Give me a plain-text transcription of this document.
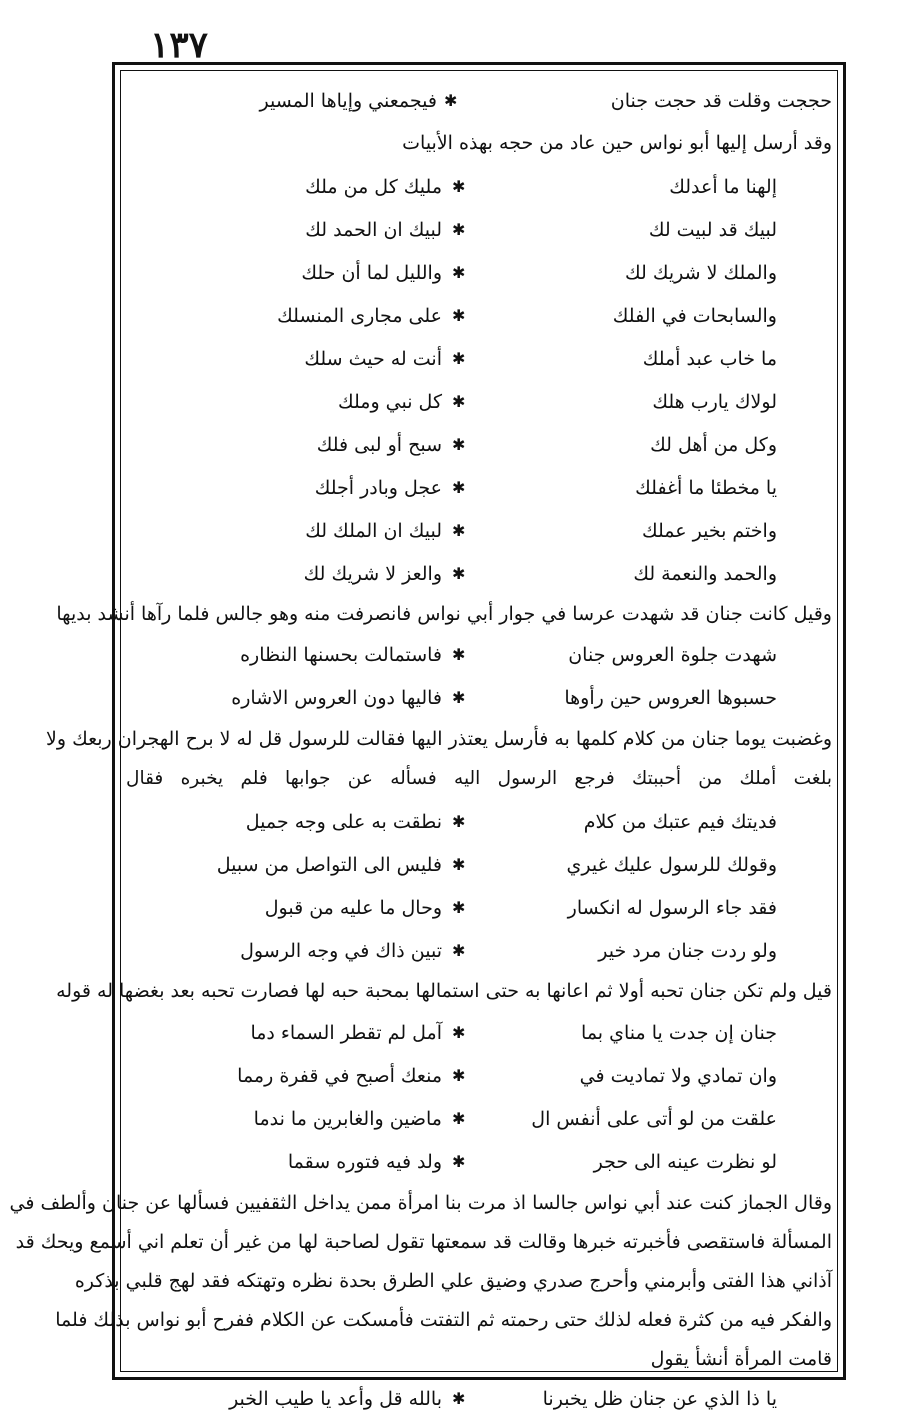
١٣٧
حججت وقلت قد حجت جنان
✱
فيجمعني وإياها المسير
وقد أرسل إليها أبو نواس حين عاد من حجه بهذه الأبيات
إلهنا ما أعدلك
✱
مليك كل من ملك
لبيك قد لبيت لك
✱
لبيك ان الحمد لك
والملك لا شريك لك
✱
والليل لما أن حلك
والسابحات في الفلك
✱
على مجارى المنسلك
ما خاب عبد أملك
✱
أنت له حيث سلك
لولاك يارب هلك
✱
كل نبي وملك
وكل من أهل لك
✱
سبح أو لبى فلك
يا مخطئا ما أغفلك
✱
عجل وبادر أجلك
واختم بخير عملك
✱
لبيك ان الملك لك
والحمد والنعمة لك
✱
والعز لا شريك لك
وقيل كانت جنان قد شهدت عرسا في جوار أبي نواس فانصرفت منه وهو جالس فلما رآها أنشد بديها
شهدت جلوة العروس جنان
✱
فاستمالت بحسنها النظاره
حسبوها العروس حين رأوها
✱
فاليها دون العروس الاشاره
وغضبت يوما جنان من كلام كلمها به فأرسل يعتذر اليها فقالت للرسول قل له لا برح الهجران ربعك ولا
بلغت أملك من أحببتك فرجع الرسول اليه فسأله عن جوابها فلم يخبره فقال
فديتك فيم عتبك من كلام
✱
نطقت به على وجه جميل
وقولك للرسول عليك غيري
✱
فليس الى التواصل من سبيل
فقد جاء الرسول له انكسار
✱
وحال ما عليه من قبول
ولو ردت جنان مرد خير
✱
تبين ذاك في وجه الرسول
قيل ولم تكن جنان تحبه أولا ثم اعانها به حتى استمالها بمحبة حبه لها فصارت تحبه بعد بغضها له قوله
جنان إن جدت يا مناي بما
✱
آمل لم تقطر السماء دما
وان تمادي ولا تماديت في
✱
منعك أصبح في قفرة رمما
علقت من لو أتى على أنفس ال
✱
ماضين والغابرين ما ندما
لو نظرت عينه الى حجر
✱
ولد فيه فتوره سقما
وقال الجماز كنت عند أبي نواس جالسا اذ مرت بنا امرأة ممن يداخل الثقفيين فسألها عن جنان وألطف في
المسألة فاستقصى فأخبرته خبرها وقالت قد سمعتها تقول لصاحبة لها من غير أن تعلم اني أسمع ويحك قد
آذاني هذا الفتى وأبرمني وأحرج صدري وضيق علي الطرق بحدة نظره وتهتكه فقد لهج قلبي بذكره
والفكر فيه من كثرة فعله لذلك حتى رحمته ثم التفتت فأمسكت عن الكلام ففرح أبو نواس بذلك فلما
قامت المرأة أنشأ يقول
يا ذا الذي عن جنان ظل يخبرنا
✱
بالله قل وأعد يا طيب الخبر
